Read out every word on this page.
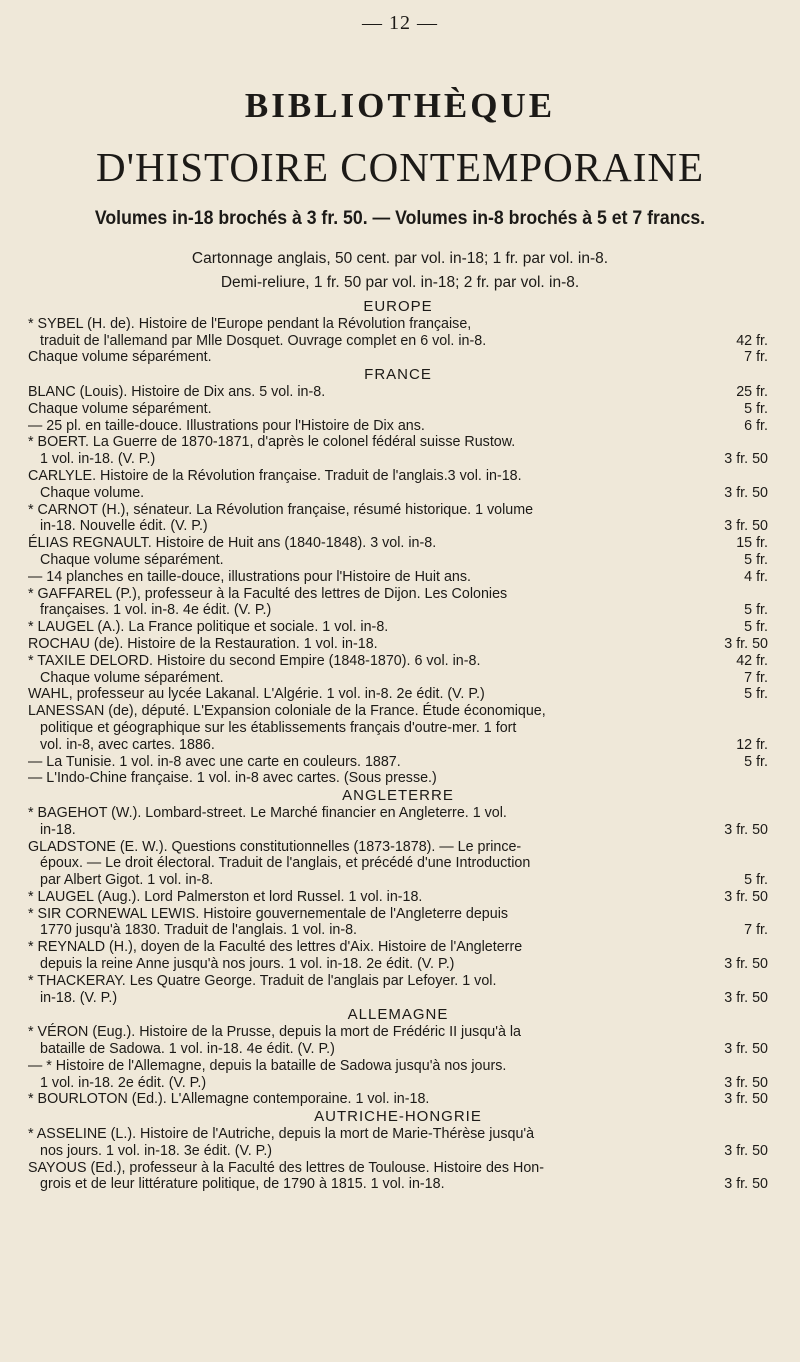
— 12 —
BIBLIOTHÈQUE
D'HISTOIRE CONTEMPORAINE
Volumes in-18 brochés à 3 fr. 50. — Volumes in-8 brochés à 5 et 7 francs.
Cartonnage anglais, 50 cent. par vol. in-18; 1 fr. par vol. in-8.
Demi-reliure, 1 fr. 50 par vol. in-18; 2 fr. par vol. in-8.
EUROPE
* SYBEL (H. de). Histoire de l'Europe pendant la Révolution française,
traduit de l'allemand par Mlle Dosquet. Ouvrage complet en 6 vol. in-8.	42 fr.
Chaque volume séparément.	7 fr.
FRANCE
BLANC (Louis). Histoire de Dix ans. 5 vol. in-8.	25 fr.
Chaque volume séparément.	5 fr.
— 25 pl. en taille-douce. Illustrations pour l'Histoire de Dix ans.	6 fr.
* BOERT. La Guerre de 1870-1871, d'après le colonel fédéral suisse Rustow.
1 vol. in-18. (V. P.)	3 fr. 50
CARLYLE. Histoire de la Révolution française. Traduit de l'anglais.3 vol. in-18.
Chaque volume.	3 fr. 50
* CARNOT (H.), sénateur. La Révolution française, résumé historique. 1 volume
in-18. Nouvelle édit. (V. P.)	3 fr. 50
ÉLIAS REGNAULT. Histoire de Huit ans (1840-1848). 3 vol. in-8.	15 fr.
Chaque volume séparément.	5 fr.
— 14 planches en taille-douce, illustrations pour l'Histoire de Huit ans.	4 fr.
* GAFFAREL (P.), professeur à la Faculté des lettres de Dijon. Les Colonies
françaises. 1 vol. in-8. 4e édit. (V. P.)	5 fr.
* LAUGEL (A.). La France politique et sociale. 1 vol. in-8.	5 fr.
ROCHAU (de). Histoire de la Restauration. 1 vol. in-18.	3 fr. 50
* TAXILE DELORD. Histoire du second Empire (1848-1870). 6 vol. in-8.	42 fr.
Chaque volume séparément.	7 fr.
WAHL, professeur au lycée Lakanal. L'Algérie. 1 vol. in-8. 2e édit. (V. P.)	5 fr.
LANESSAN (de), député. L'Expansion coloniale de la France. Étude économique,
politique et géographique sur les établissements français d'outre-mer. 1 fort
vol. in-8, avec cartes. 1886.	12 fr.
— La Tunisie. 1 vol. in-8 avec une carte en couleurs. 1887.	5 fr.
— L'Indo-Chine française. 1 vol. in-8 avec cartes. (Sous presse.)
ANGLETERRE
* BAGEHOT (W.). Lombard-street. Le Marché financier en Angleterre. 1 vol.
in-18.	3 fr. 50
GLADSTONE (E. W.). Questions constitutionnelles (1873-1878). — Le prince-
époux. — Le droit électoral. Traduit de l'anglais, et précédé d'une Introduction
par Albert Gigot. 1 vol. in-8.	5 fr.
* LAUGEL (Aug.). Lord Palmerston et lord Russel. 1 vol. in-18.	3 fr. 50
* SIR CORNEWAL LEWIS. Histoire gouvernementale de l'Angleterre depuis
1770 jusqu'à 1830. Traduit de l'anglais. 1 vol. in-8.	7 fr.
* REYNALD (H.), doyen de la Faculté des lettres d'Aix. Histoire de l'Angleterre
depuis la reine Anne jusqu'à nos jours. 1 vol. in-18. 2e édit. (V. P.)	3 fr. 50
* THACKERAY. Les Quatre George. Traduit de l'anglais par Lefoyer. 1 vol.
in-18. (V. P.)	3 fr. 50
ALLEMAGNE
* VÉRON (Eug.). Histoire de la Prusse, depuis la mort de Frédéric II jusqu'à la
bataille de Sadowa. 1 vol. in-18. 4e édit. (V. P.)	3 fr. 50
— * Histoire de l'Allemagne, depuis la bataille de Sadowa jusqu'à nos jours.
1 vol. in-18. 2e édit. (V. P.)	3 fr. 50
* BOURLOTON (Ed.). L'Allemagne contemporaine. 1 vol. in-18.	3 fr. 50
AUTRICHE-HONGRIE
* ASSELINE (L.). Histoire de l'Autriche, depuis la mort de Marie-Thérèse jusqu'à
nos jours. 1 vol. in-18. 3e édit. (V. P.)	3 fr. 50
SAYOUS (Ed.), professeur à la Faculté des lettres de Toulouse. Histoire des Hon-
grois et de leur littérature politique, de 1790 à 1815. 1 vol. in-18.	3 fr. 50
